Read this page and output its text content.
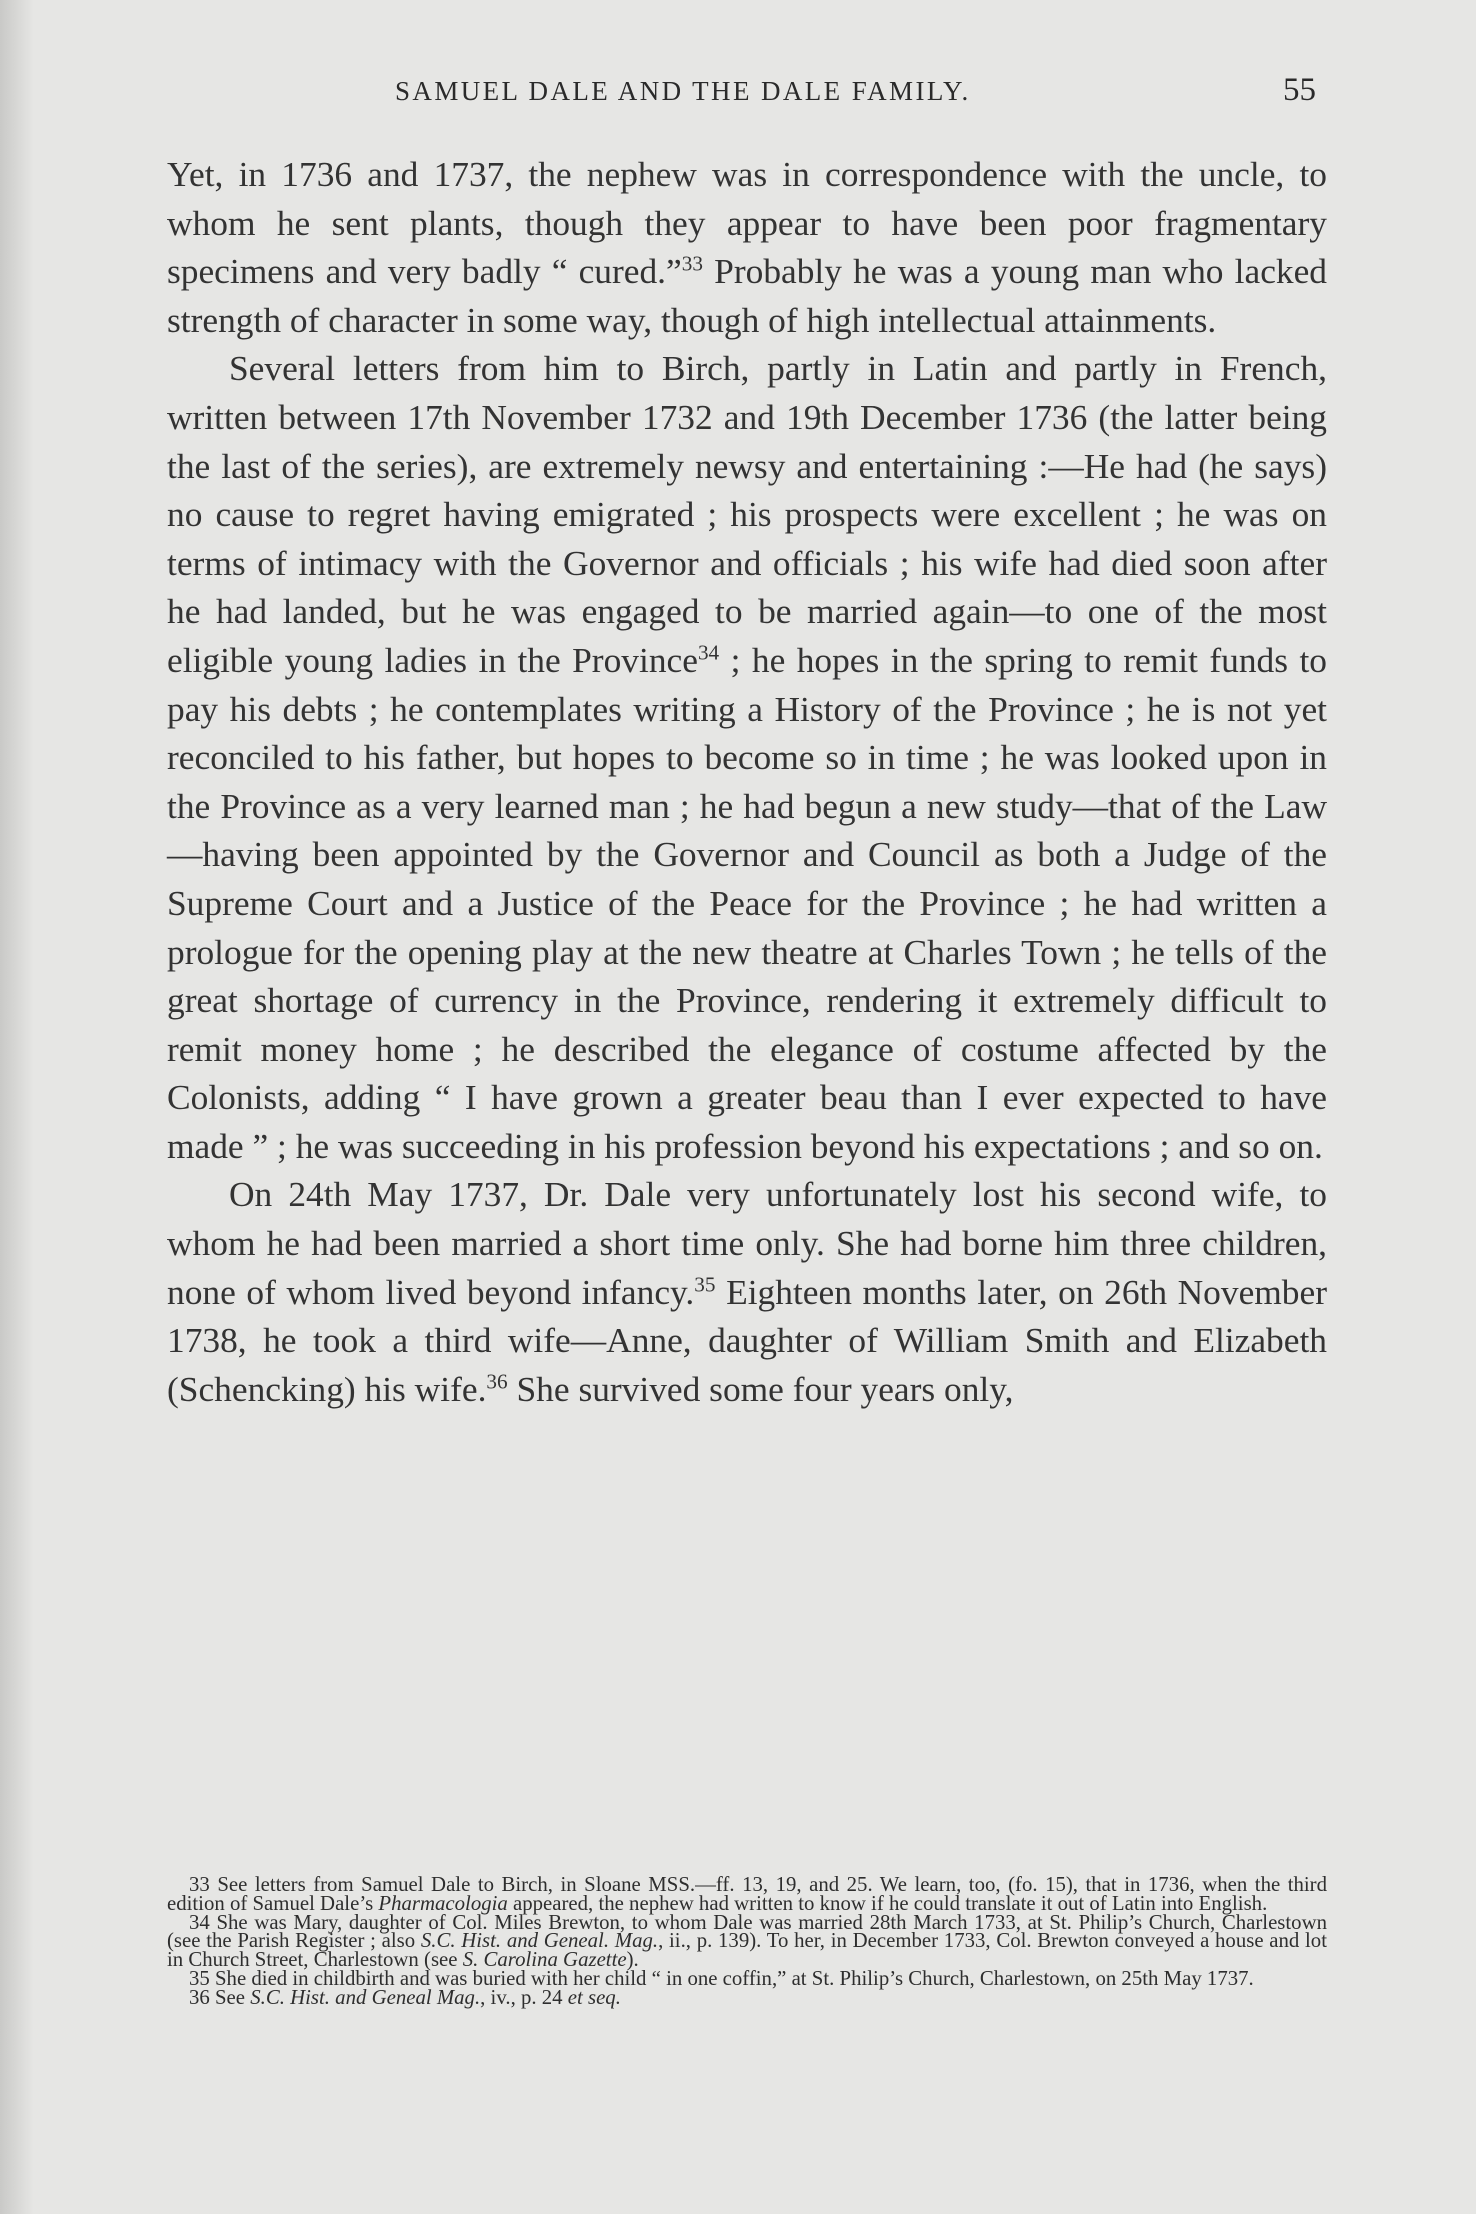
SAMUEL DALE AND THE DALE FAMILY.	55

Yet, in 1736 and 1737, the nephew was in correspondence with the uncle, to whom he sent plants, though they appear to have been poor fragmentary specimens and very badly “ cured.”$^{33}$ Probably he was a young man who lacked strength of character in some way, though of high intellectual attainments.

Several letters from him to Birch, partly in Latin and partly in French, written between 17th November 1732 and 19th December 1736 (the latter being the last of the series), are extremely newsy and entertaining :—He had (he says) no cause to regret having emigrated ; his prospects were excellent ; he was on terms of intimacy with the Governor and officials ; his wife had died soon after he had landed, but he was engaged to be married again—to one of the most eligible young ladies in the Province$^{34}$ ; he hopes in the spring to remit funds to pay his debts ; he contemplates writing a History of the Province ; he is not yet reconciled to his father, but hopes to become so in time ; he was looked upon in the Province as a very learned man ; he had begun a new study—that of the Law—having been appointed by the Governor and Council as both a Judge of the Supreme Court and a Justice of the Peace for the Province ; he had written a prologue for the opening play at the new theatre at Charles Town ; he tells of the great shortage of currency in the Province, rendering it extremely difficult to remit money home ; he described the elegance of costume affected by the Colonists, adding “ I have grown a greater beau than I ever expected to have made ” ; he was succeeding in his profession beyond his expectations ; and so on.

On 24th May 1737, Dr. Dale very unfortunately lost his second wife, to whom he had been married a short time only. She had borne him three children, none of whom lived beyond infancy.$^{35}$ Eighteen months later, on 26th November 1738, he took a third wife—Anne, daughter of William Smith and Elizabeth (Schencking) his wife.$^{36}$ She survived some four years only,

33 See letters from Samuel Dale to Birch, in Sloane MSS.—ff. 13, 19, and 25. We learn, too, (fo. 15), that in 1736, when the third edition of Samuel Dale’s Pharmacologia appeared, the nephew had written to know if he could translate it out of Latin into English.

34 She was Mary, daughter of Col. Miles Brewton, to whom Dale was married 28th March 1733, at St. Philip’s Church, Charlestown (see the Parish Register ; also S.C. Hist. and Geneal. Mag., ii., p. 139). To her, in December 1733, Col. Brewton conveyed a house and lot in Church Street, Charlestown (see S. Carolina Gazette).

35 She died in childbirth and was buried with her child “ in one coffin,” at St. Philip’s Church, Charlestown, on 25th May 1737.

36 See S.C. Hist. and Geneal Mag., iv., p. 24 et seq.
